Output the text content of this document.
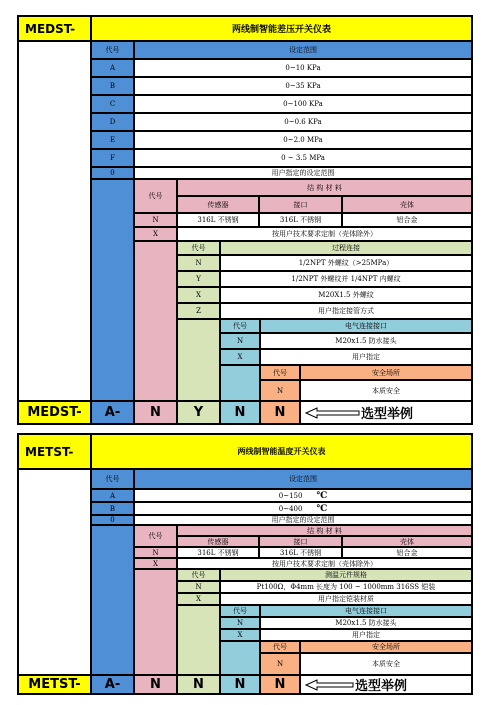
MEDST-	两线制智能差压开关仪表
代号	设定范围
A	0~10 KPa
B	0~35 KPa
C	0~100 KPa
D	0~0.6 KPa
E	0~2.0 MPa
F	0 ~ 3.5 MPa
0	用户指定的设定范围
代号
结 构 材 料
传感器	接口	壳体
N	316L 不锈钢	316L 不锈钢	铝合金
X	按用户技术要求定制（壳体除外）
代号	过程连接
N	1/2NPT 外螺纹（>25MPa）
Y	1/2NPT 外螺纹并 1/4NPT 内螺纹
X	M20X1.5 外螺纹
Z	用户指定接管方式
代号	电气连接接口
N	M20x1.5 防水接头
X	用户指定
代号	安全场所
N	本质安全
MEDST-	A-	N	Y	N	N	选型举例
METST-	两线制智能温度开关仪表
代号	设定范围
A	0~150 ℃
B	0~400 ℃
0	用户指定的设定范围
代号
结 构 材 料
传感器	接口	壳体
N	316L 不锈钢	316L 不锈钢	铝合金
X	按用户技术要求定制（壳体除外）
代号	测温元件规格
N	Pt100Ω，Φ4mm 长度为 100 ~ 1000mm 316SS 铠装
X	用户指定铠装材质
代号	电气连接接口
N	M20x1.5 防水接头
X	用户指定
代号	安全场所
N	本质安全
METST-	A-	N	N	N	N	选型举例
